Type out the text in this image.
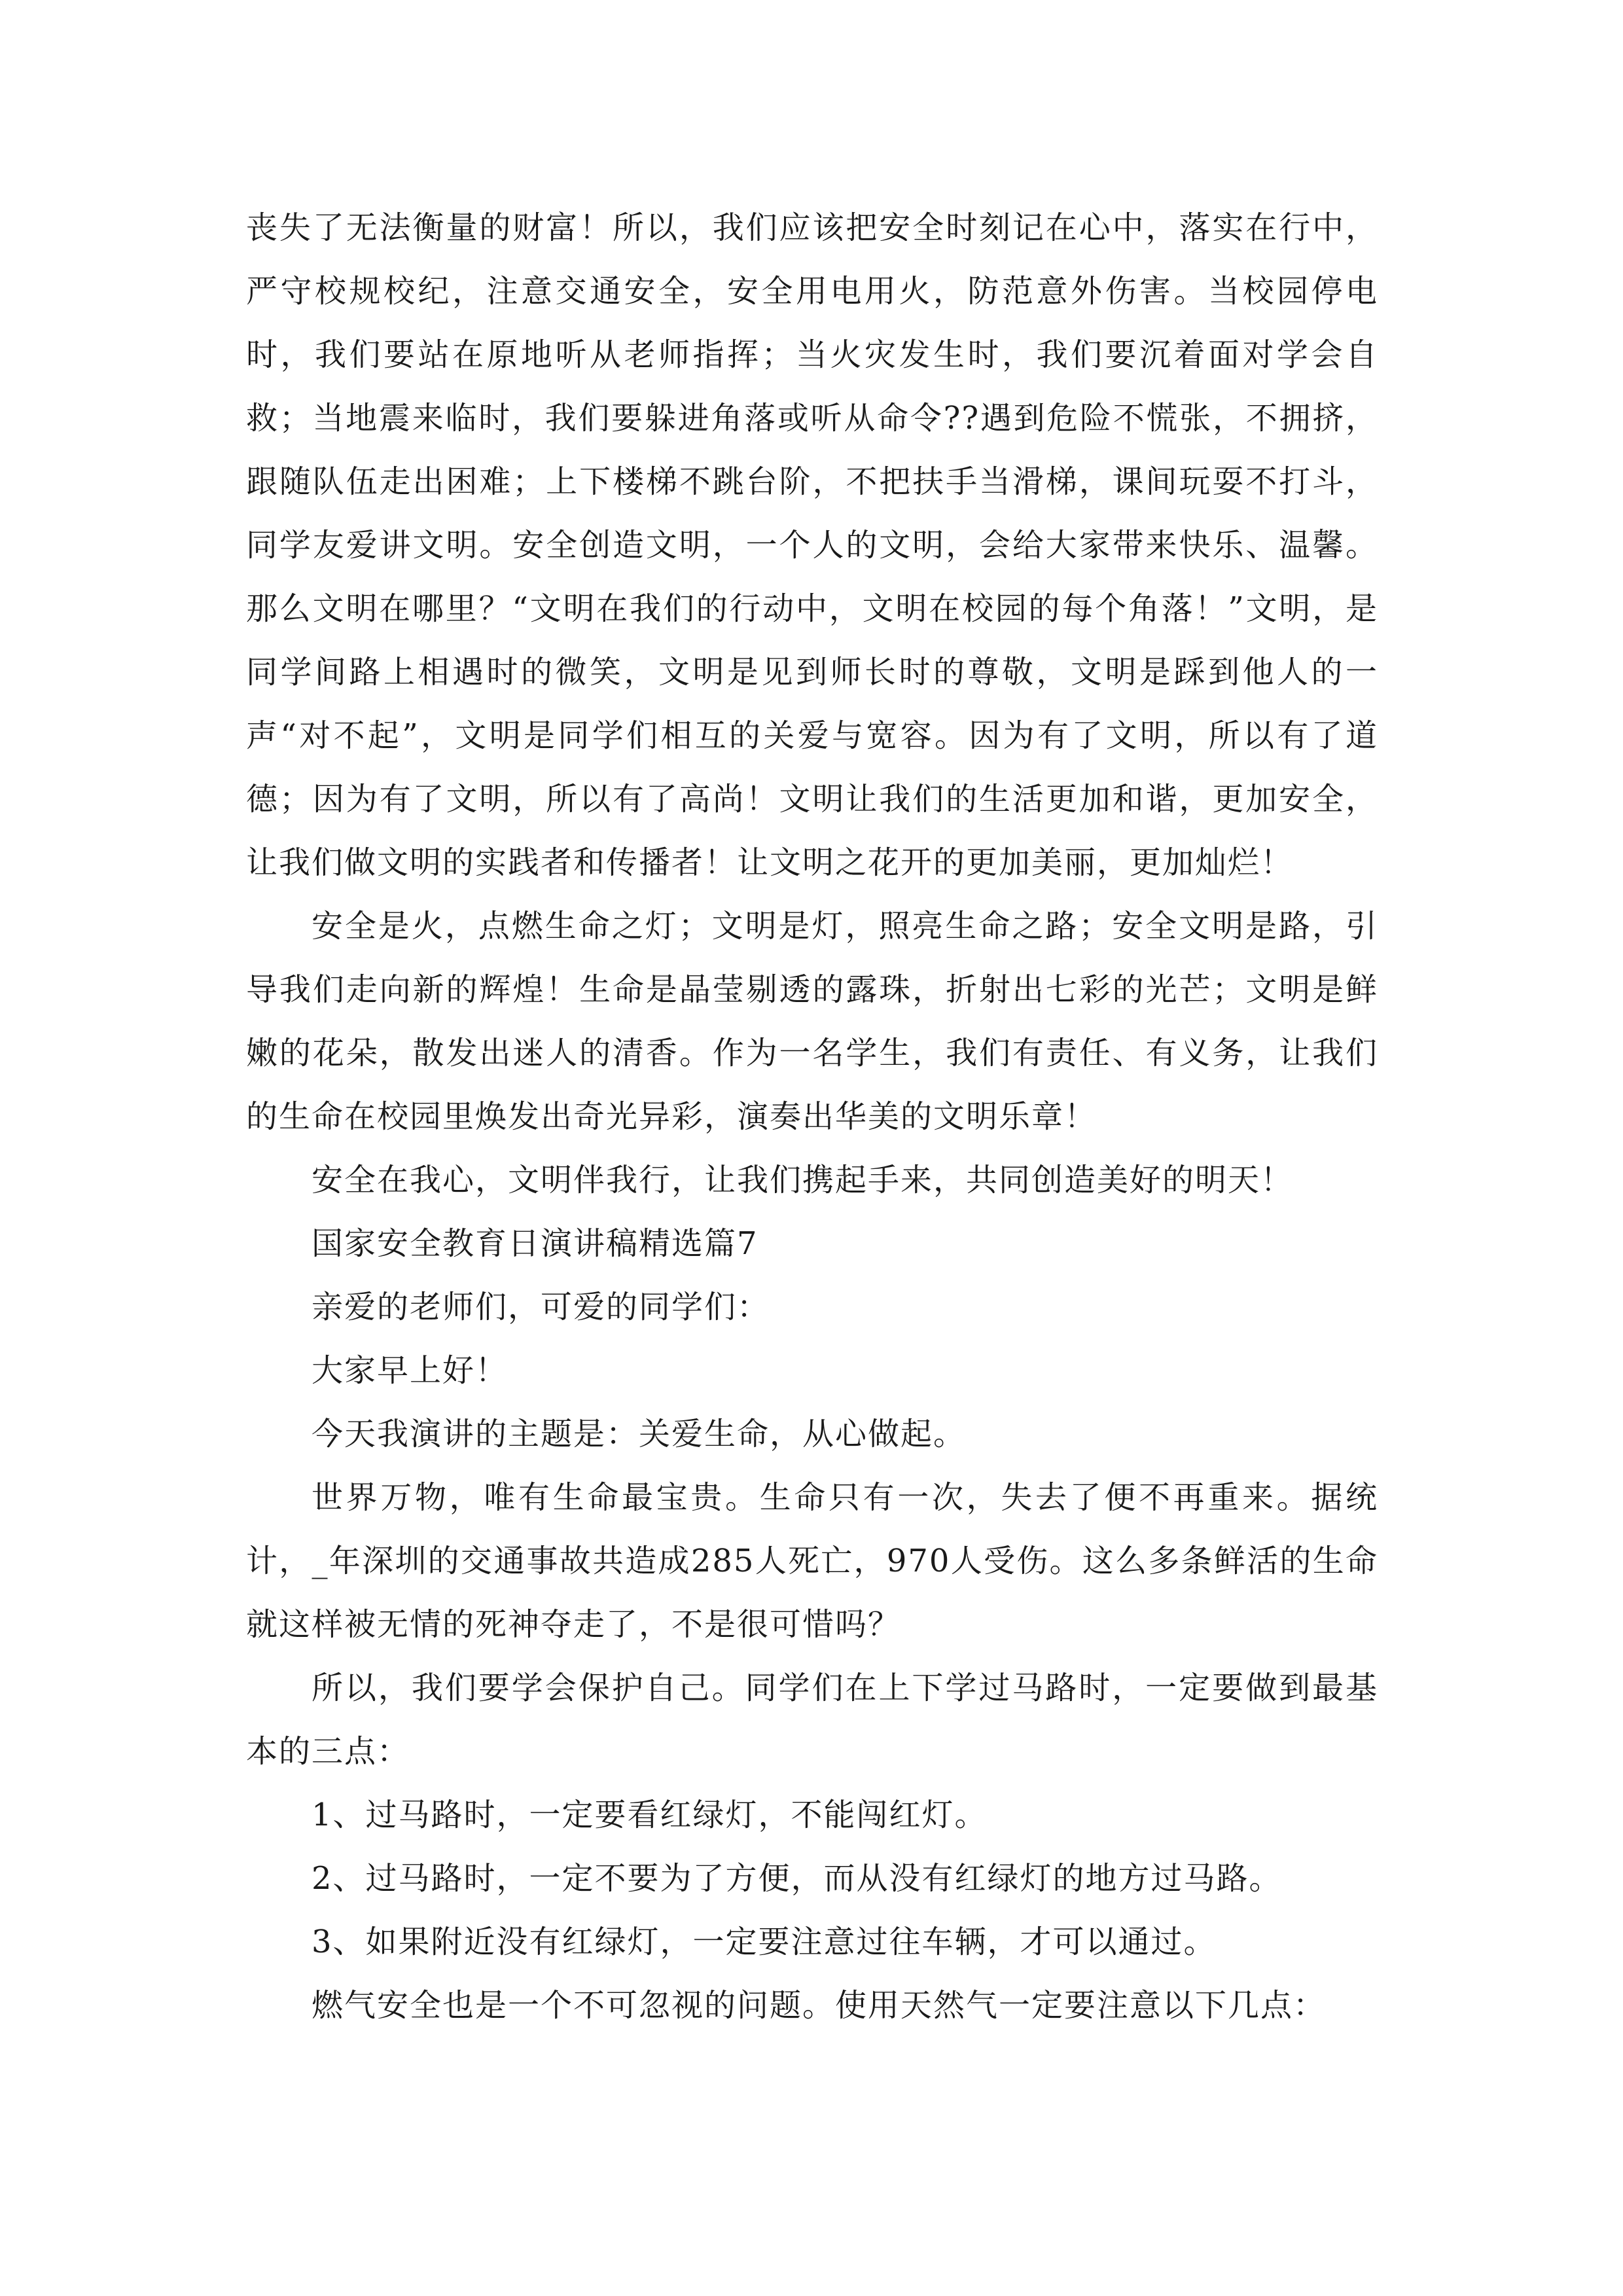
丧失了无法衡量的财富！所以，我们应该把安全时刻记在心中，落实在行中，严守校规校纪，注意交通安全，安全用电用火，防范意外伤害。当校园停电时，我们要站在原地听从老师指挥；当火灾发生时，我们要沉着面对学会自救；当地震来临时，我们要躲进角落或听从命令??遇到危险不慌张，不拥挤，跟随队伍走出困难；上下楼梯不跳台阶，不把扶手当滑梯，课间玩耍不打斗，同学友爱讲文明。安全创造文明，一个人的文明，会给大家带来快乐、温馨。那么文明在哪里？“文明在我们的行动中，文明在校园的每个角落！”文明，是同学间路上相遇时的微笑，文明是见到师长时的尊敬，文明是踩到他人的一声“对不起”，文明是同学们相互的关爱与宽容。因为有了文明，所以有了道德；因为有了文明，所以有了高尚！文明让我们的生活更加和谐，更加安全，让我们做文明的实践者和传播者！让文明之花开的更加美丽，更加灿烂！

安全是火，点燃生命之灯；文明是灯，照亮生命之路；安全文明是路，引导我们走向新的辉煌！生命是晶莹剔透的露珠，折射出七彩的光芒；文明是鲜嫩的花朵，散发出迷人的清香。作为一名学生，我们有责任、有义务，让我们的生命在校园里焕发出奇光异彩，演奏出华美的文明乐章！

安全在我心，文明伴我行，让我们携起手来，共同创造美好的明天！

国家安全教育日演讲稿精选篇7

亲爱的老师们，可爱的同学们：

大家早上好！

今天我演讲的主题是：关爱生命，从心做起。

世界万物，唯有生命最宝贵。生命只有一次，失去了便不再重来。据统计，_年深圳的交通事故共造成285人死亡，970人受伤。这么多条鲜活的生命就这样被无情的死神夺走了，不是很可惜吗？

所以，我们要学会保护自己。同学们在上下学过马路时，一定要做到最基本的三点：

1、过马路时，一定要看红绿灯，不能闯红灯。

2、过马路时，一定不要为了方便，而从没有红绿灯的地方过马路。

3、如果附近没有红绿灯，一定要注意过往车辆，才可以通过。

燃气安全也是一个不可忽视的问题。使用天然气一定要注意以下几点：
